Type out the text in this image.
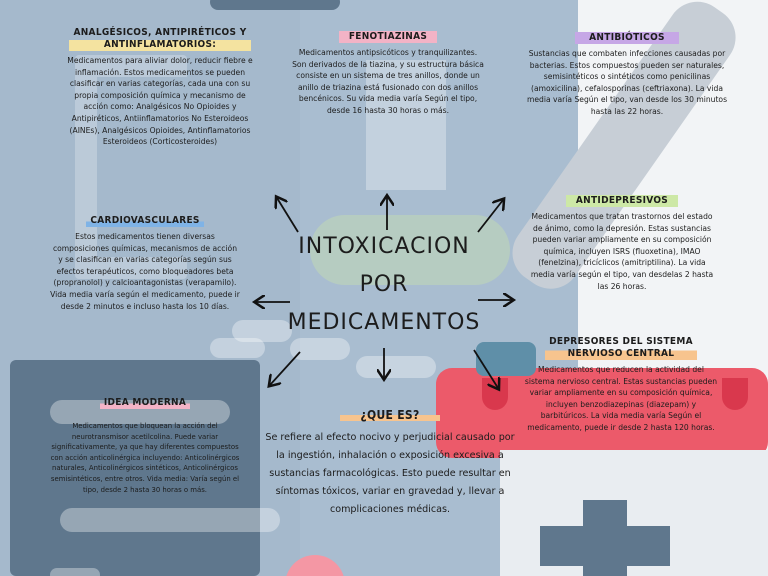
INTOXICACION
POR
MEDICAMENTOS
ANALGÉSICOS, ANTIPIRÉTICOS Y
ANTINFLAMATORIOS:
Medicamentos para aliviar dolor, reducir fiebre e inflamación. Estos medicamentos se pueden clasificar en varias categorías, cada una con su propia composición química y mecanismo de acción como: Analgésicos No Opioides y Antipiréticos, Antiinflamatorios No Esteroideos (AINEs), Analgésicos Opioides, Antinflamatorios Esteroideos (Corticosteroides)
FENOTIAZINAS
Medicamentos antipsicóticos y tranquilizantes. Son derivados de la tiazina, y su estructura básica consiste en un sistema de tres anillos, donde un anillo de triazina está fusionado con dos anillos bencénicos. Su vida media varía Según el tipo, desde 16 hasta 30 horas o más.
ANTIBIÓTICOS
Sustancias que combaten infecciones causadas por bacterias. Estos compuestos pueden ser naturales, semisintéticos o sintéticos como penicilinas (amoxicilina), cefalosporinas (ceftriaxona). La vida media varía Según el tipo, van desde los 30 minutos hasta las 22 horas.
CARDIOVASCULARES
Estos medicamentos tienen diversas composiciones químicas, mecanismos de acción y se clasifican en varias categorías según sus efectos terapéuticos, como bloqueadores beta (propranolol) y calcioantagonistas (verapamilo). Vida media varía según el medicamento, puede ir desde 2 minutos e incluso hasta los 10 días.
ANTIDEPRESIVOS
Medicamentos que tratan trastornos del estado de ánimo, como la depresión. Estas sustancias pueden variar ampliamente en su composición química, incluyen ISRS (fluoxetina), IMAO (fenelzina), tricíclicos (amitriptilina). La vida media varía según el tipo, van desdelas 2 hasta las 26 horas.
DEPRESORES DEL SISTEMA
NERVIOSO CENTRAL
Medicamentos que reducen la actividad del sistema nervioso central. Estas sustancias pueden variar ampliamente en su composición química, incluyen benzodiazepinas (diazepam) y barbitúricos. La vida media varía Según el medicamento, puede ir desde 2 hasta 120 horas.
IDEA MODERNA
Medicamentos que bloquean la acción del neurotransmisor acetilcolina. Puede variar significativamente, ya que hay diferentes compuestos con acción anticolinérgica incluyendo: Anticolinérgicos naturales, Anticolinérgicos sintéticos, Anticolinérgicos semisintéticos, entre otros. Vida media: Varía según el tipo, desde 2 hasta 30 horas o más.
¿QUE ES?
Se refiere al efecto nocivo y perjudicial causado por la ingestión, inhalación o exposición excesiva a sustancias farmacológicas. Esto puede resultar en síntomas tóxicos, variar en gravedad y, llevar a complicaciones médicas.
